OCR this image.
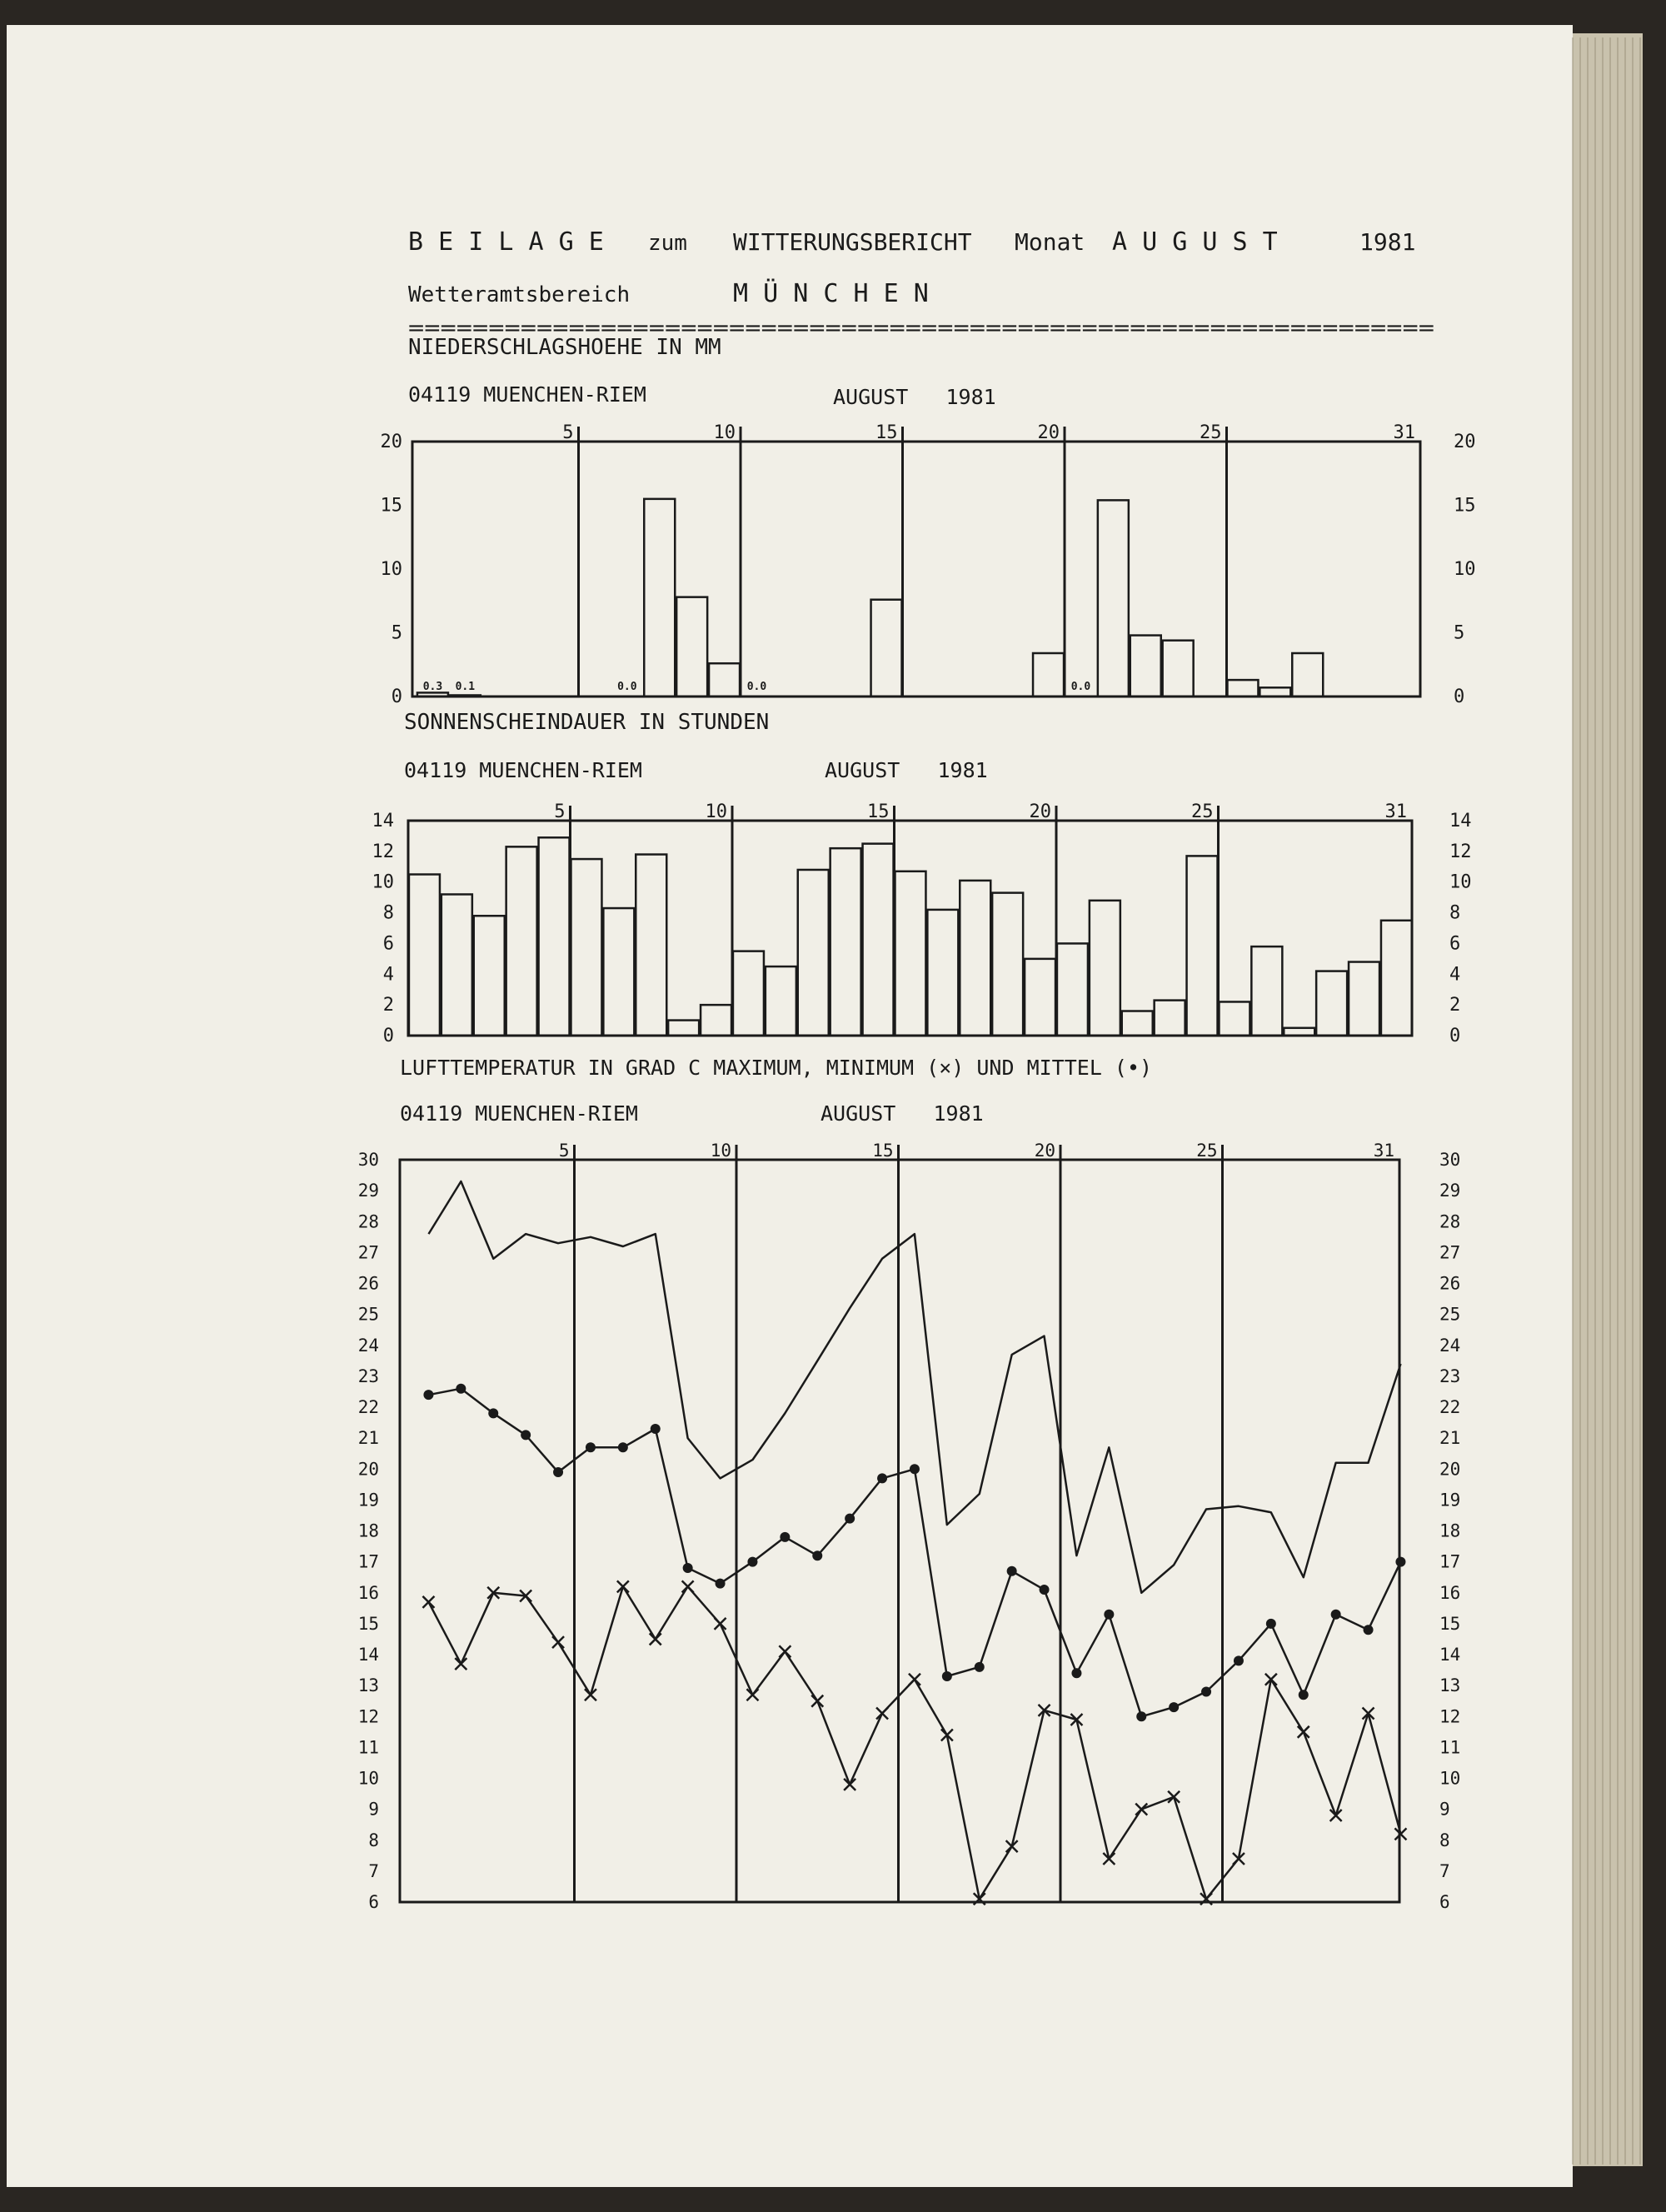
B E I L A G E zum WITTERUNGSBERICHT Monat A U G U S T	1981
Wetteramtsbereich	M Ü N C H E N
================================================================
NIEDERSCHLAGSHOEHE IN MM
04119 MUENCHEN-RIEM	AUGUST   1981
5	10	15	20	25	31
0	0
5	5
10	10
15	15
20	20
0.3 0.1	0.0	0.0	0.0
SONNENSCHEINDAUER IN STUNDEN
04119 MUENCHEN-RIEM	AUGUST   1981
5	10	15	20	25	31
0	0
2	2
4	4
6	6
8	8
10	10
12	12
14	14
LUFTTEMPERATUR IN GRAD C MAXIMUM, MINIMUM (×) UND MITTEL (•)
04119 MUENCHEN-RIEM	AUGUST   1981
5	10	15	20	25	31
6	6
7	7
8	8
9	9
10	10
11	11
12	12
13	13
14	14
15	15
16	16
17	17
18	18
19	19
20	20
21	21
22	22
23	23
24	24
25	25
26	26
27	27
28	28
29	29
30	30
